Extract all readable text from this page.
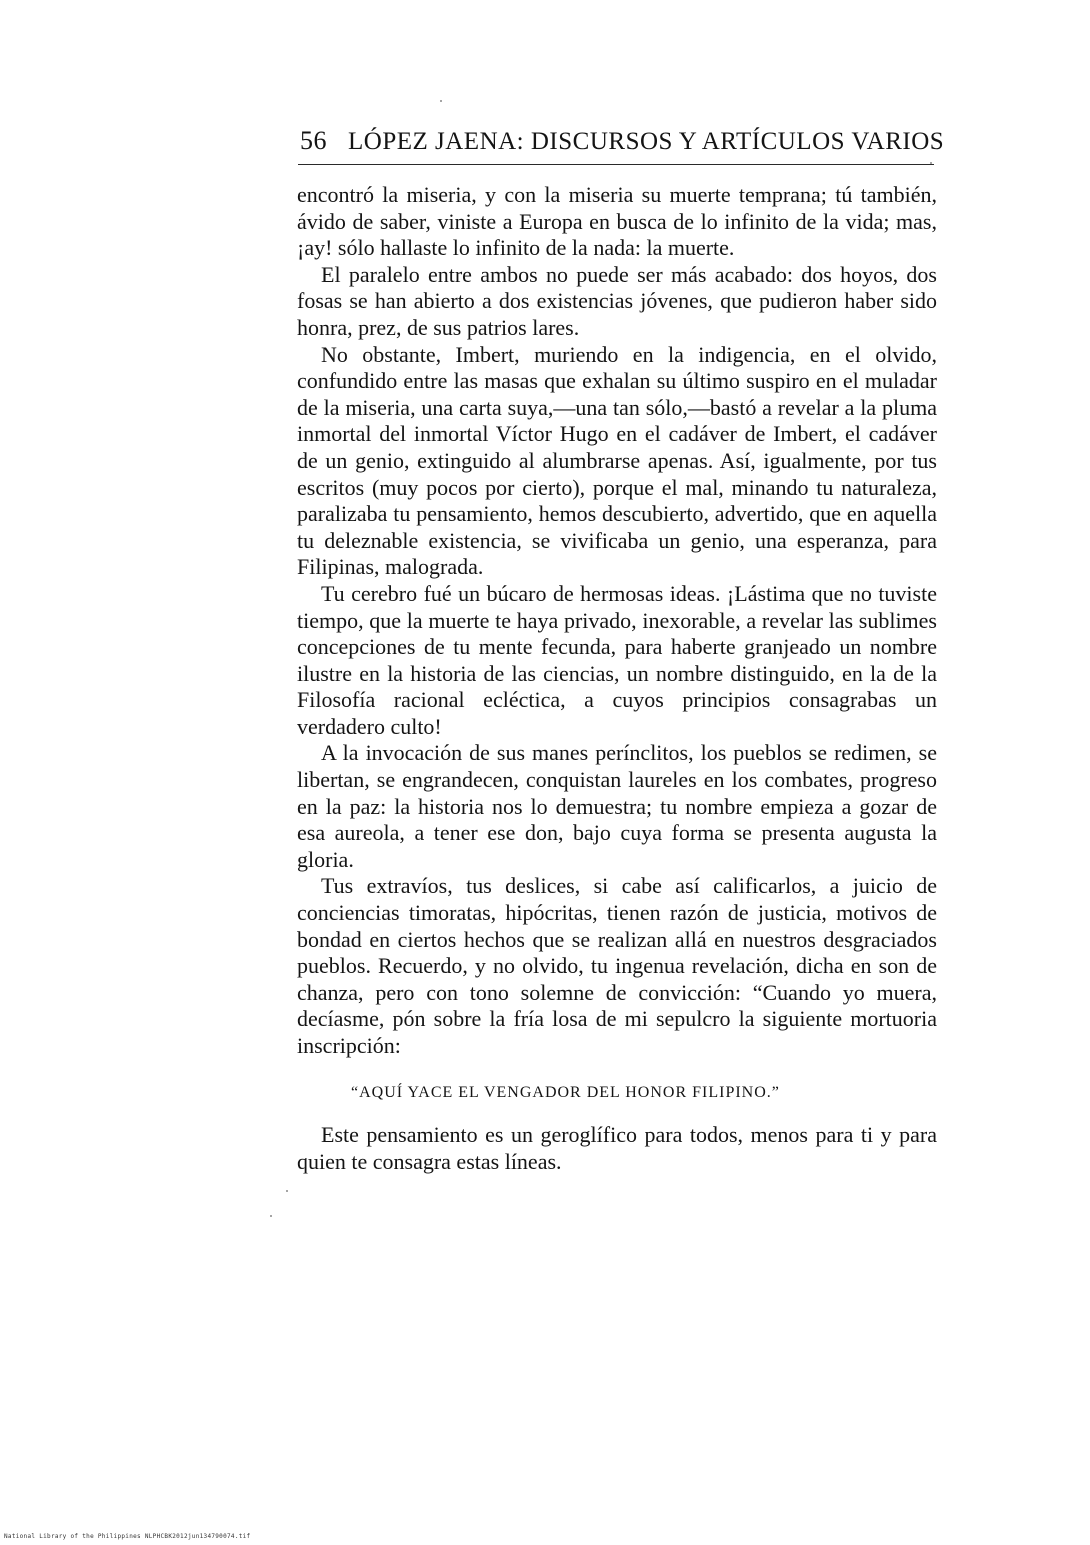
56 LÓPEZ JAENA: DISCURSOS Y ARTÍCULOS VARIOS

encontró la miseria, y con la miseria su muerte temprana; tú también, ávido de saber, viniste a Europa en busca de lo infinito de la vida; mas, ¡ay! sólo hallaste lo infinito de la nada: la muerte.

El paralelo entre ambos no puede ser más acabado: dos hoyos, dos fosas se han abierto a dos existencias jóvenes, que pudieron haber sido honra, prez, de sus patrios lares.

No obstante, Imbert, muriendo en la indigencia, en el olvido, confundido entre las masas que exhalan su último suspiro en el muladar de la miseria, una carta suya,—una tan sólo,—bastó a revelar a la pluma inmortal del inmortal Víctor Hugo en el cadáver de Imbert, el cadáver de un genio, extinguido al alumbrarse apenas. Así, igualmente, por tus escritos (muy pocos por cierto), porque el mal, minando tu naturaleza, paralizaba tu pensamiento, hemos descubierto, advertido, que en aquella tu deleznable existencia, se vivificaba un genio, una esperanza, para Filipinas, malograda.

Tu cerebro fué un búcaro de hermosas ideas. ¡Lástima que no tuviste tiempo, que la muerte te haya privado, inexorable, a revelar las sublimes concepciones de tu mente fecunda, para haberte granjeado un nombre ilustre en la historia de las ciencias, un nombre distinguido, en la de la Filosofía racional ecléctica, a cuyos principios consagrabas un verdadero culto!

A la invocación de sus manes perínclitos, los pueblos se redimen, se libertan, se engrandecen, conquistan laureles en los combates, progreso en la paz: la historia nos lo demuestra; tu nombre empieza a gozar de esa aureola, a tener ese don, bajo cuya forma se presenta augusta la gloria.

Tus extravíos, tus deslices, si cabe así calificarlos, a juicio de conciencias timoratas, hipócritas, tienen razón de justicia, motivos de bondad en ciertos hechos que se realizan allá en nuestros desgraciados pueblos. Recuerdo, y no olvido, tu ingenua revelación, dicha en son de chanza, pero con tono solemne de convicción: “Cuando yo muera, decíasme, pón sobre la fría losa de mi sepulcro la siguiente mortuoria inscripción:

“AQUÍ YACE EL VENGADOR DEL HONOR FILIPINO.”

Este pensamiento es un geroglífico para todos, menos para ti y para quien te consagra estas líneas.

National Library of the Philippines NLPHCBK2012jun134790074.tif
